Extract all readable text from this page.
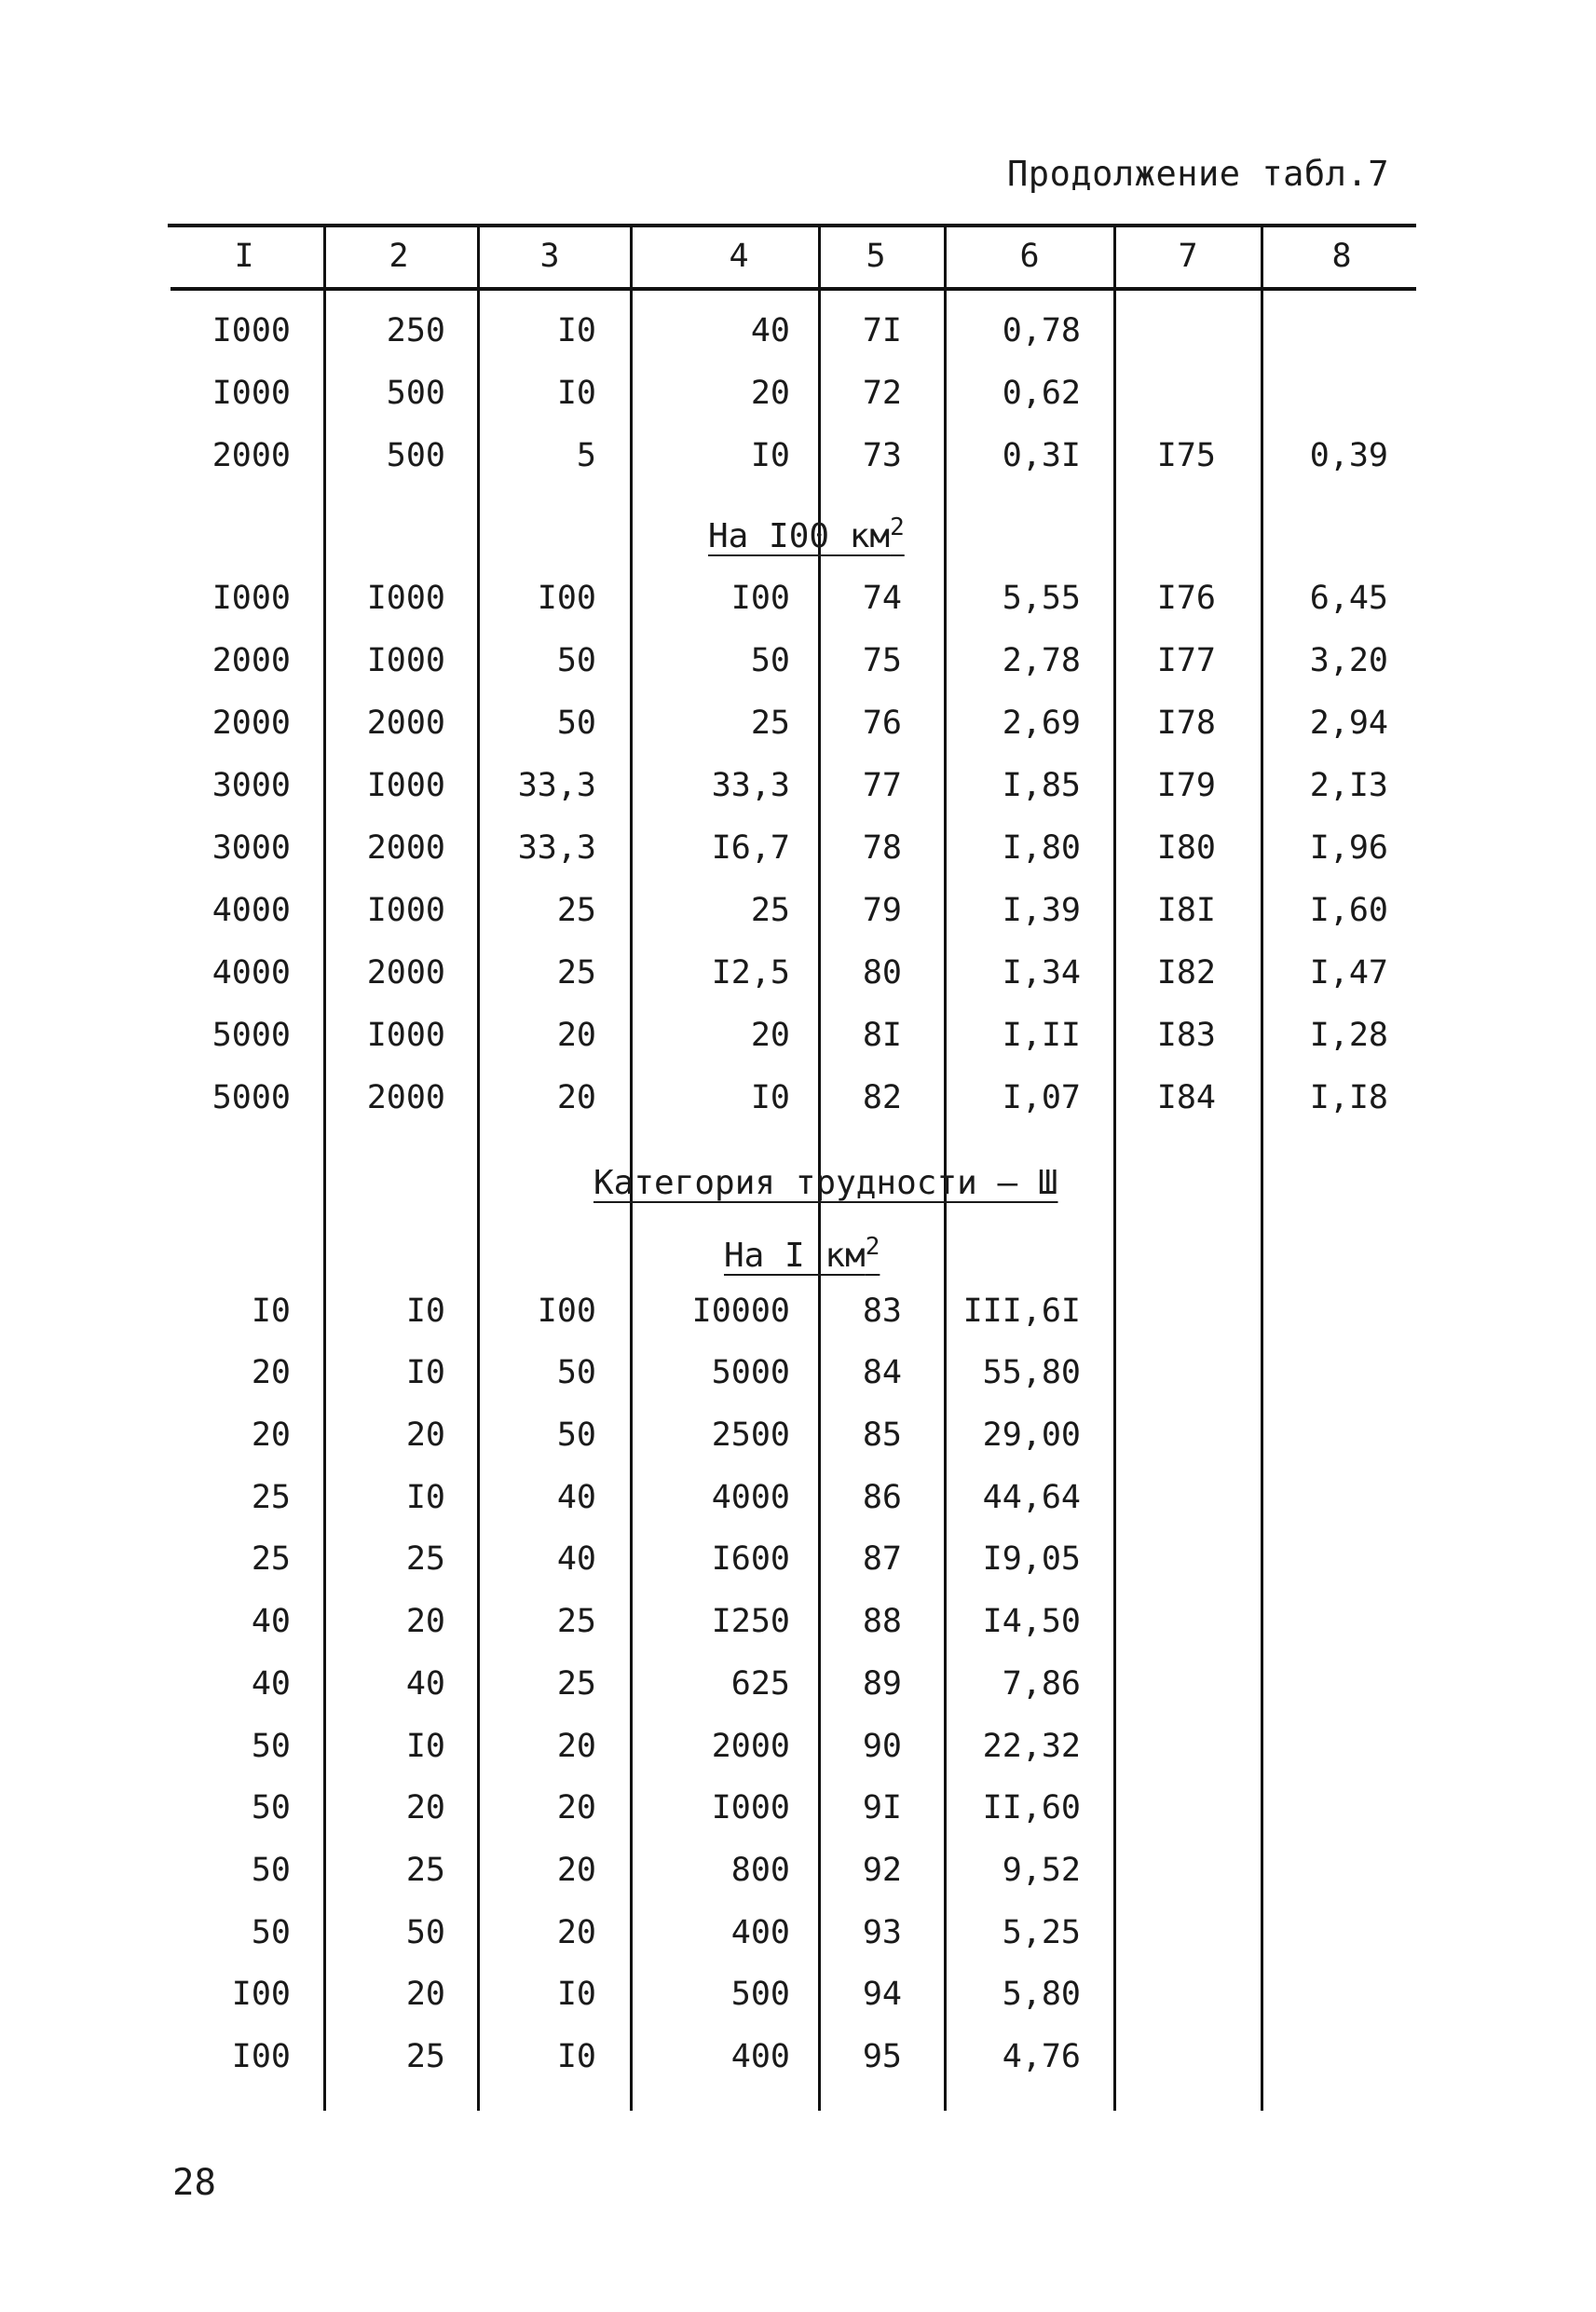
Продолжение табл.7
I	2	3	4	5	6	7	8
I000	250	I0	40	7I	0,78
I000	500	I0	20	72	0,62
2000	500	5	I0	73	0,3I	I75	0,39
На I00 $км^2$
I000	I000	I00	I00	74	5,55	I76	6,45
2000	I000	50	50	75	2,78	I77	3,20
2000	2000	50	25	76	2,69	I78	2,94
3000	I000	33,3	33,3	77	I,85	I79	2,I3
3000	2000	33,3	I6,7	78	I,80	I80	I,96
4000	I000	25	25	79	I,39	I8I	I,60
4000	2000	25	I2,5	80	I,34	I82	I,47
5000	I000	20	20	8I	I,II	I83	I,28
5000	2000	20	I0	82	I,07	I84	I,I8
Категория трудности – Ш
На I $км^2$
I0	I0	I00	I0000	83	III,6I
20	I0	50	5000	84	55,80
20	20	50	2500	85	29,00
25	I0	40	4000	86	44,64
25	25	40	I600	87	I9,05
40	20	25	I250	88	I4,50
40	40	25	625	89	7,86
50	I0	20	2000	90	22,32
50	20	20	I000	9I	II,60
50	25	20	800	92	9,52
50	50	20	400	93	5,25
I00	20	I0	500	94	5,80
I00	25	I0	400	95	4,76
28
